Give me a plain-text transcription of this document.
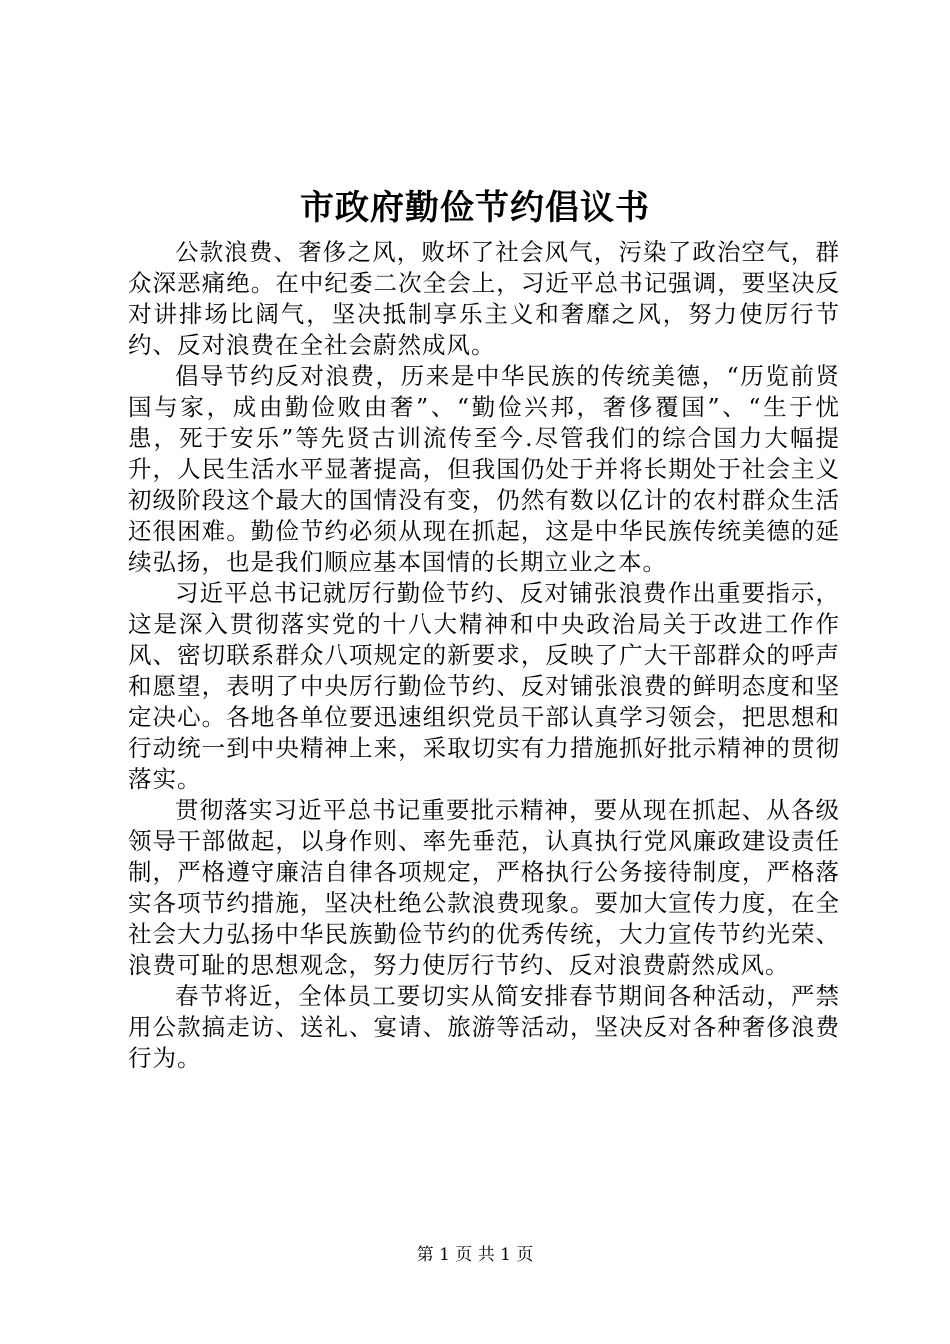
市政府勤俭节约倡议书

公款浪费、奢侈之风，败坏了社会风气，污染了政治空气，群众深恶痛绝。在中纪委二次全会上，习近平总书记强调，要坚决反对讲排场比阔气，坚决抵制享乐主义和奢靡之风，努力使厉行节约、反对浪费在全社会蔚然成风。

倡导节约反对浪费，历来是中华民族的传统美德，“历览前贤国与家，成由勤俭败由奢”、“勤俭兴邦，奢侈覆国”、“生于忧患，死于安乐”等先贤古训流传至今.尽管我们的综合国力大幅提升，人民生活水平显著提高，但我国仍处于并将长期处于社会主义初级阶段这个最大的国情没有变，仍然有数以亿计的农村群众生活还很困难。勤俭节约必须从现在抓起，这是中华民族传统美德的延续弘扬，也是我们顺应基本国情的长期立业之本。

习近平总书记就厉行勤俭节约、反对铺张浪费作出重要指示，这是深入贯彻落实党的十八大精神和中央政治局关于改进工作作风、密切联系群众八项规定的新要求，反映了广大干部群众的呼声和愿望，表明了中央厉行勤俭节约、反对铺张浪费的鲜明态度和坚定决心。各地各单位要迅速组织党员干部认真学习领会，把思想和行动统一到中央精神上来，采取切实有力措施抓好批示精神的贯彻落实。

贯彻落实习近平总书记重要批示精神，要从现在抓起、从各级领导干部做起，以身作则、率先垂范，认真执行党风廉政建设责任制，严格遵守廉洁自律各项规定，严格执行公务接待制度，严格落实各项节约措施，坚决杜绝公款浪费现象。要加大宣传力度，在全社会大力弘扬中华民族勤俭节约的优秀传统，大力宣传节约光荣、浪费可耻的思想观念，努力使厉行节约、反对浪费蔚然成风。

春节将近，全体员工要切实从简安排春节期间各种活动，严禁用公款搞走访、送礼、宴请、旅游等活动，坚决反对各种奢侈浪费行为。

第 1 页 共 1 页
